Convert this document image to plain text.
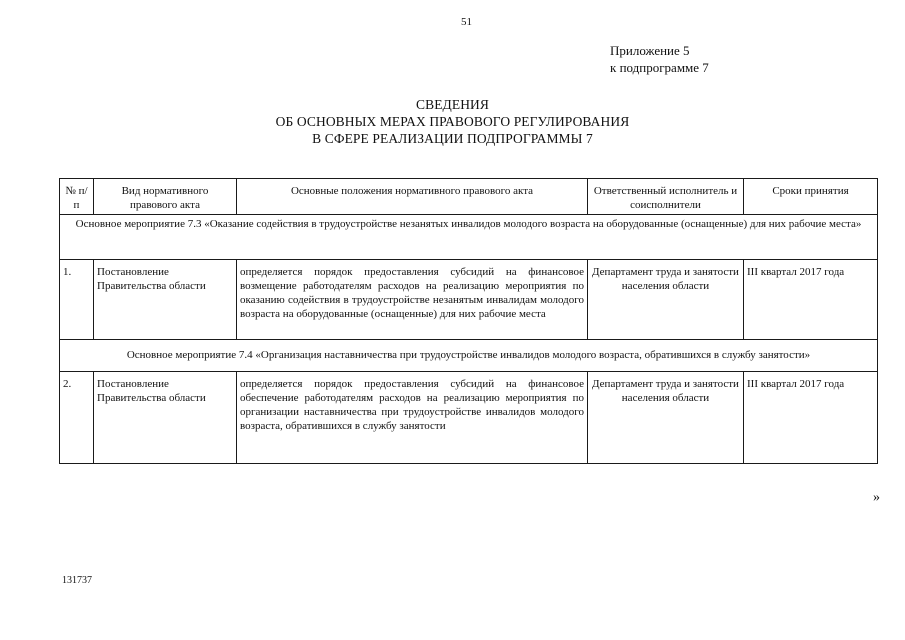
51
Приложение 5
к подпрограмме 7
СВЕДЕНИЯ
ОБ ОСНОВНЫХ МЕРАХ ПРАВОВОГО РЕГУЛИРОВАНИЯ
В СФЕРЕ РЕАЛИЗАЦИИ ПОДПРОГРАММЫ 7
№ п/п	Вид нормативного правового акта	Основные положения нормативного правового акта	Ответственный исполнитель и соисполнители	Сроки принятия
Основное мероприятие 7.3 «Оказание содействия в трудоустройстве незанятых инвалидов молодого возраста на оборудованные (оснащенные) для них рабочие места»				
1.	Постановление Правительства области	определяется порядок предоставления субсидий на финансовое возмещение работодателям расходов на реализацию мероприятия по оказанию содействия в трудоустройстве незанятым инвалидам молодого возраста на оборудованные (оснащенные) для них рабочие места	Департамент труда и занятости населения области	III квартал 2017 года
Основное мероприятие 7.4 «Организация наставничества при трудоустройстве инвалидов молодого возраста, обратившихся в службу занятости»				
2.	Постановление Правительства области	определяется порядок предоставления субсидий на финансовое обеспечение работодателям расходов на реализацию мероприятия по организации наставничества при трудоустройстве инвалидов молодого возраста, обратившихся в службу занятости	Департамент труда и занятости населения области	III квартал 2017 года
»
131737
